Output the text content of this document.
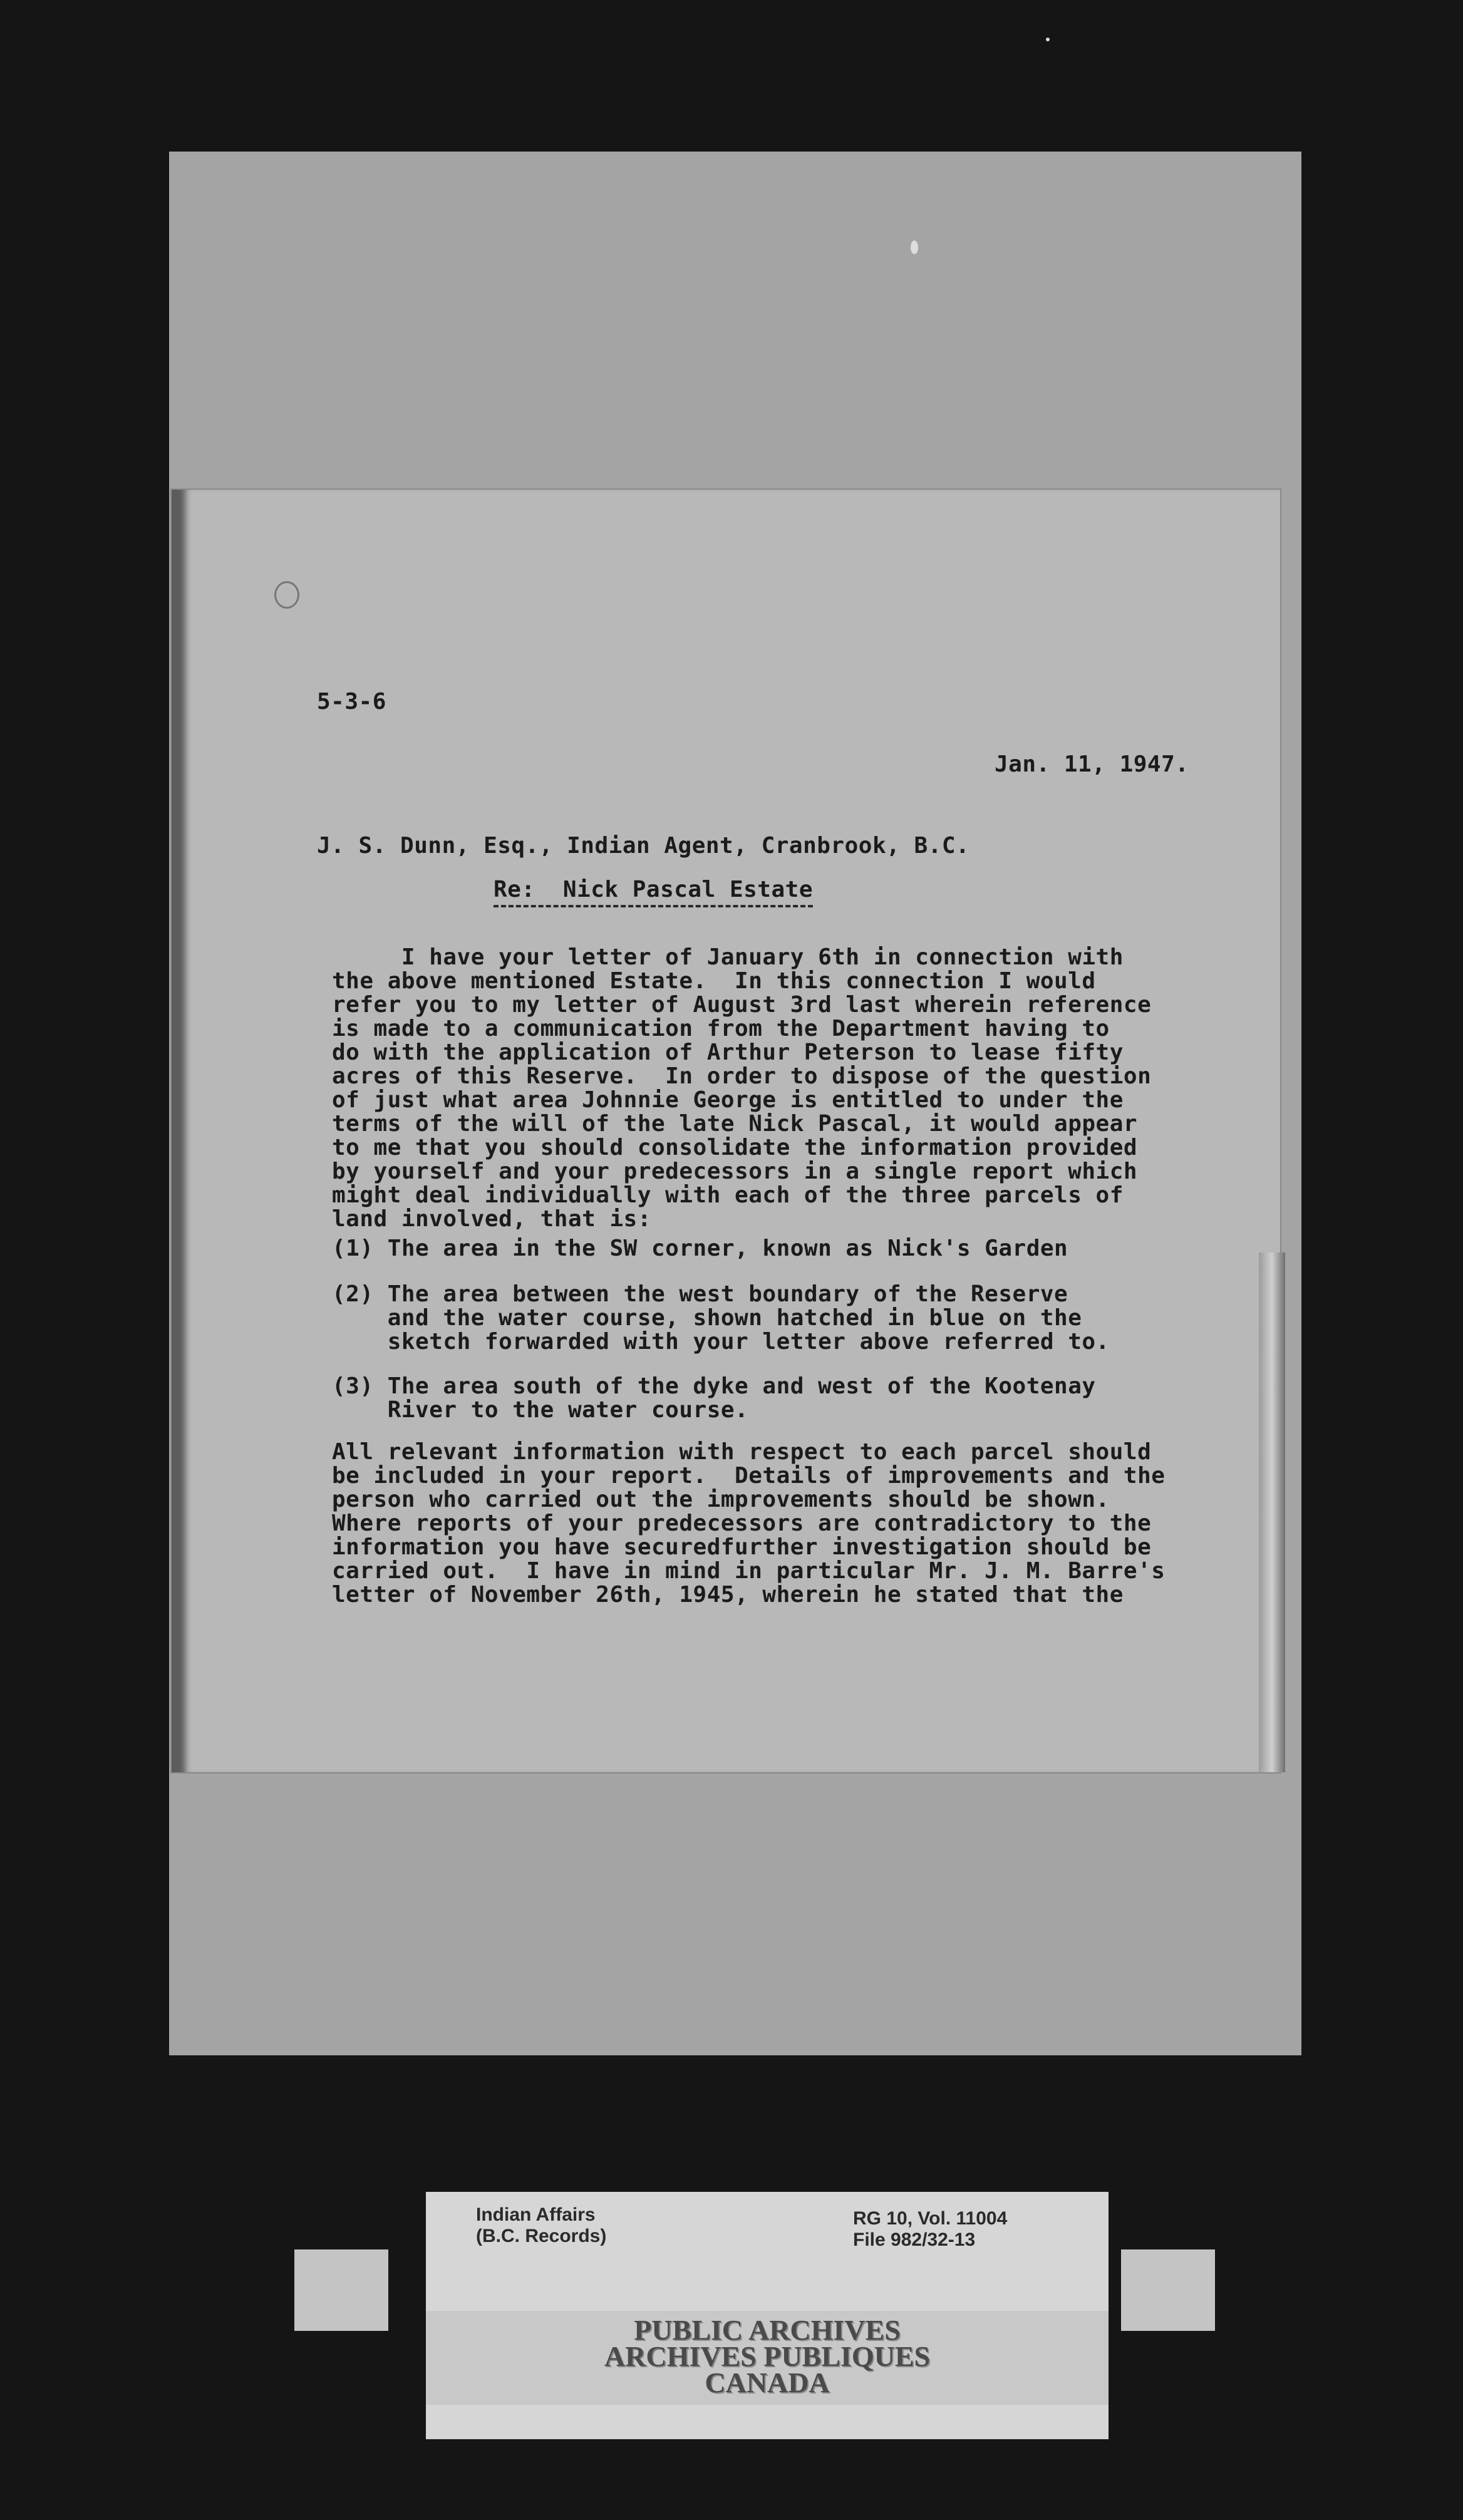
5-3-6
Jan. 11, 1947.
J. S. Dunn, Esq., Indian Agent, Cranbrook, B.C.
Re:  Nick Pascal Estate
I have your letter of January 6th in connection with
the above mentioned Estate.  In this connection I would
refer you to my letter of August 3rd last wherein reference
is made to a communication from the Department having to
do with the application of Arthur Peterson to lease fifty
acres of this Reserve.  In order to dispose of the question
of just what area Johnnie George is entitled to under the
terms of the will of the late Nick Pascal, it would appear
to me that you should consolidate the information provided
by yourself and your predecessors in a single report which
might deal individually with each of the three parcels of
land involved, that is:
(1) The area in the SW corner, known as Nick's Garden
(2) The area between the west boundary of the Reserve
and the water course, shown hatched in blue on the
sketch forwarded with your letter above referred to.
(3) The area south of the dyke and west of the Kootenay
River to the water course.
All relevant information with respect to each parcel should
be included in your report.  Details of improvements and the
person who carried out the improvements should be shown.
Where reports of your predecessors are contradictory to the
information you have securedfurther investigation should be
carried out.  I have in mind in particular Mr. J. M. Barre's
letter of November 26th, 1945, wherein he stated that the
Indian Affairs
(B.C. Records)
RG 10, Vol. 11004
File 982/32-13
PUBLIC ARCHIVES
ARCHIVES PUBLIQUES
CANADA
